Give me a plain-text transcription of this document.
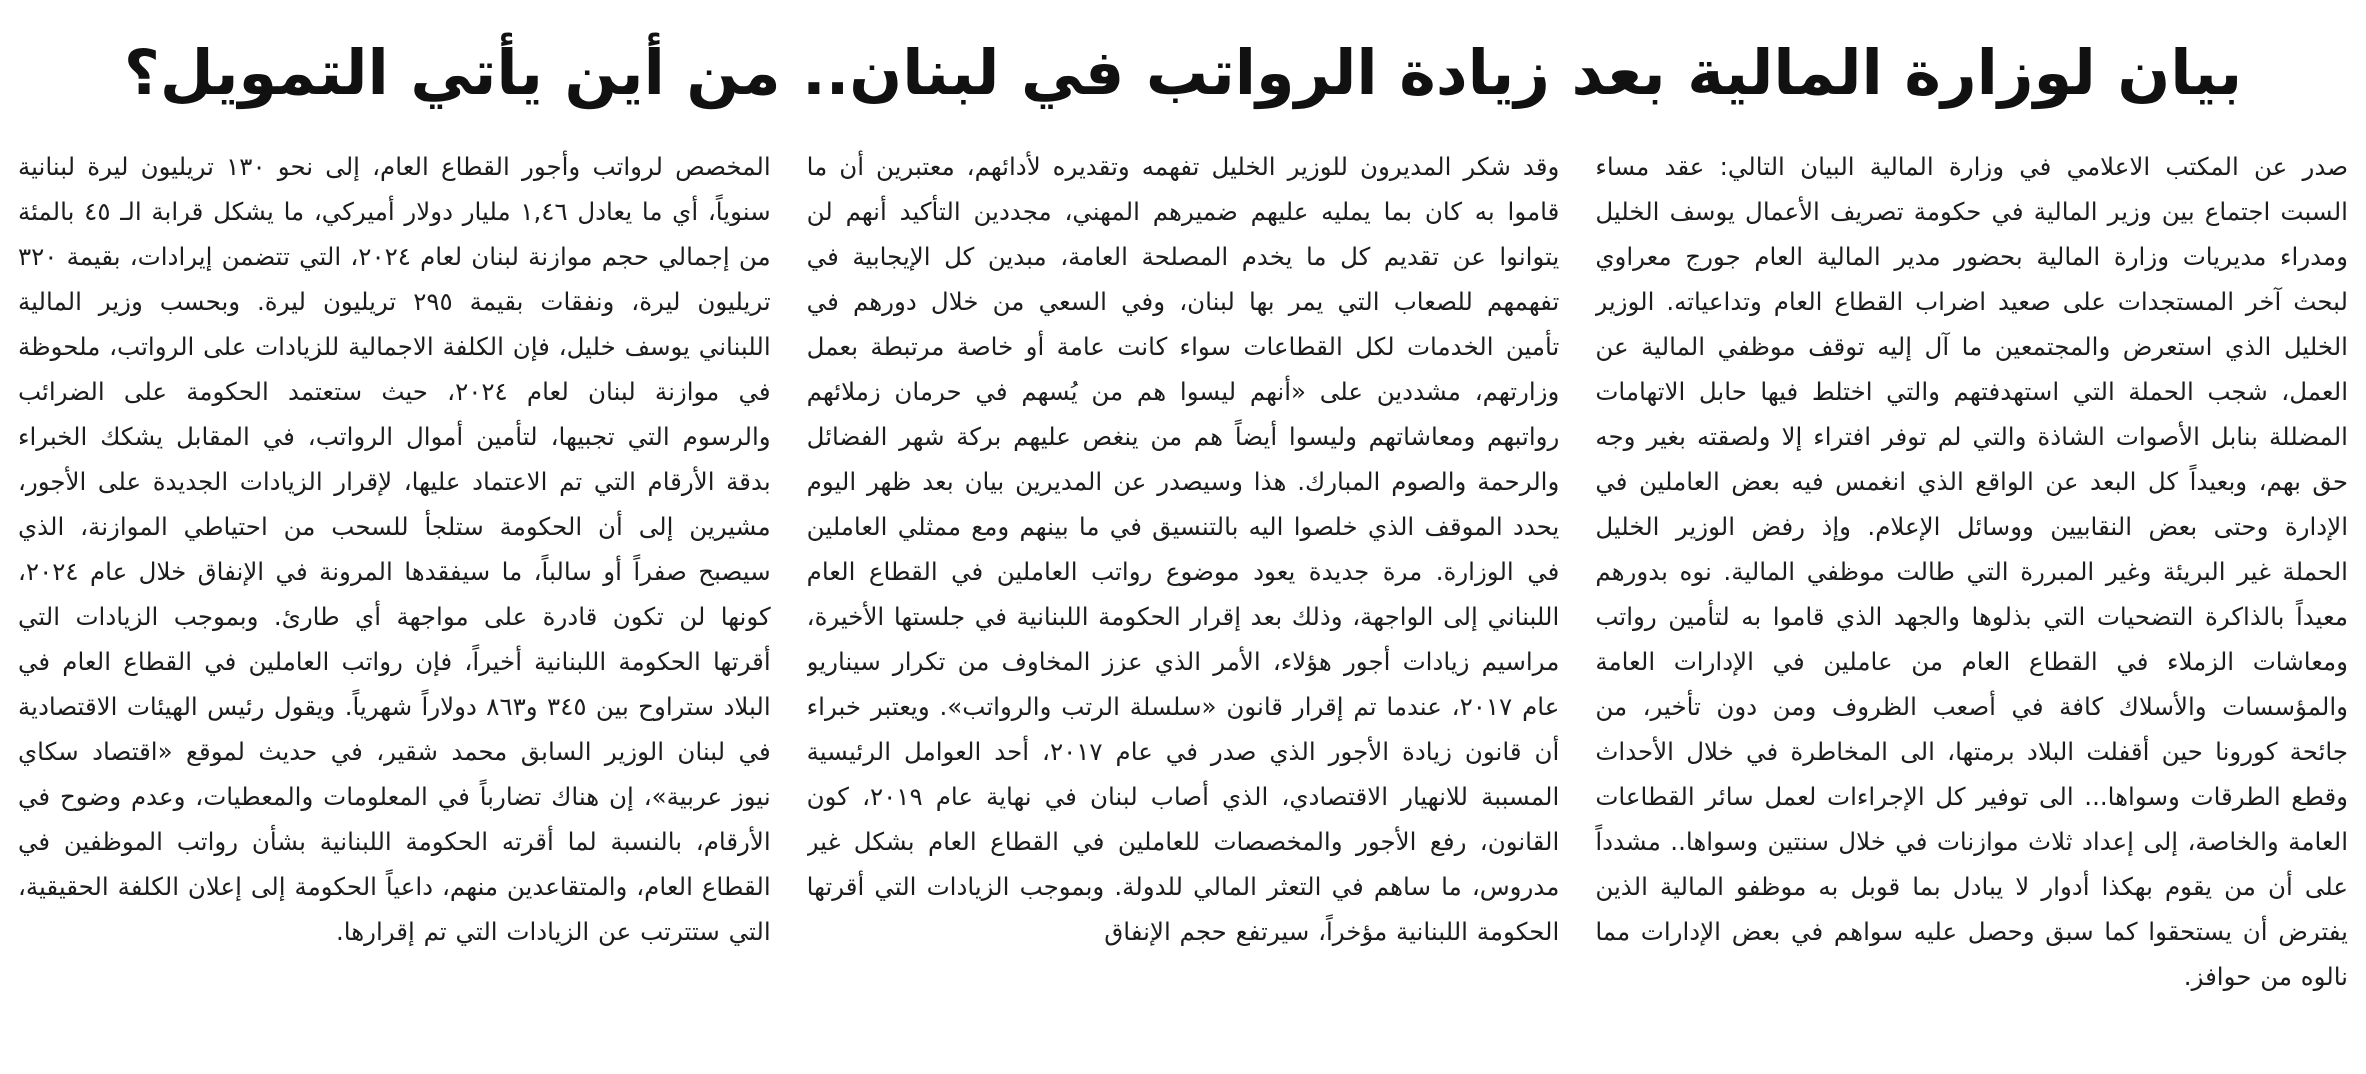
بيان لوزارة المالية بعد زيادة الرواتب في لبنان.. من أين يأتي التمويل؟

صدر عن المكتب الاعلامي في وزارة المالية البيان التالي: عقد مساء السبت اجتماع بين وزير المالية في حكومة تصريف الأعمال يوسف الخليل ومدراء مديريات وزارة المالية بحضور مدير المالية العام جورج معراوي لبحث آخر المستجدات على صعيد اضراب القطاع العام وتداعياته. الوزير الخليل الذي استعرض والمجتمعين ما آل إليه توقف موظفي المالية عن العمل، شجب الحملة التي استهدفتهم والتي اختلط فيها حابل الاتهامات المضللة بنابل الأصوات الشاذة والتي لم توفر افتراء إلا ولصقته بغير وجه حق بهم، وبعيداً كل البعد عن الواقع الذي انغمس فيه بعض العاملين في الإدارة وحتى بعض النقابيين ووسائل الإعلام. وإذ رفض الوزير الخليل الحملة غير البريئة وغير المبررة التي طالت موظفي المالية. نوه بدورهم معيداً بالذاكرة التضحيات التي بذلوها والجهد الذي قاموا به لتأمين رواتب ومعاشات الزملاء في القطاع العام من عاملين في الإدارات العامة والمؤسسات والأسلاك كافة في أصعب الظروف ومن دون تأخير، من جائحة كورونا حين أقفلت البلاد برمتها، الى المخاطرة في خلال الأحداث وقطع الطرقات وسواها... الى توفير كل الإجراءات لعمل سائر القطاعات العامة والخاصة، إلى إعداد ثلاث موازنات في خلال سنتين وسواها.. مشدداً على أن من يقوم بهكذا أدوار لا يبادل بما قوبل به موظفو المالية الذين يفترض أن يستحقوا كما سبق وحصل عليه سواهم في بعض الإدارات مما نالوه من حوافز.

وقد شكر المديرون للوزير الخليل تفهمه وتقديره لأدائهم، معتبرين أن ما قاموا به كان بما يمليه عليهم ضميرهم المهني، مجددين التأكيد أنهم لن يتوانوا عن تقديم كل ما يخدم المصلحة العامة، مبدين كل الإيجابية في تفهمهم للصعاب التي يمر بها لبنان، وفي السعي من خلال دورهم في تأمين الخدمات لكل القطاعات سواء كانت عامة أو خاصة مرتبطة بعمل وزارتهم، مشددين على «أنهم ليسوا هم من يُسهم في حرمان زملائهم رواتبهم ومعاشاتهم وليسوا أيضاً هم من ينغص عليهم بركة شهر الفضائل والرحمة والصوم المبارك. هذا وسيصدر عن المديرين بيان بعد ظهر اليوم يحدد الموقف الذي خلصوا اليه بالتنسيق في ما بينهم ومع ممثلي العاملين في الوزارة. مرة جديدة يعود موضوع رواتب العاملين في القطاع العام اللبناني إلى الواجهة، وذلك بعد إقرار الحكومة اللبنانية في جلستها الأخيرة، مراسيم زيادات أجور هؤلاء، الأمر الذي عزز المخاوف من تكرار سيناريو عام ٢٠١٧، عندما تم إقرار قانون «سلسلة الرتب والرواتب». ويعتبر خبراء أن قانون زيادة الأجور الذي صدر في عام ٢٠١٧، أحد العوامل الرئيسية المسببة للانهيار الاقتصادي، الذي أصاب لبنان في نهاية عام ٢٠١٩، كون القانون، رفع الأجور والمخصصات للعاملين في القطاع العام بشكل غير مدروس، ما ساهم في التعثر المالي للدولة. وبموجب الزيادات التي أقرتها الحكومة اللبنانية مؤخراً، سيرتفع حجم الإنفاق

المخصص لرواتب وأجور القطاع العام، إلى نحو ١٣٠ تريليون ليرة لبنانية سنوياً، أي ما يعادل ١,٤٦ مليار دولار أميركي، ما يشكل قرابة الـ ٤٥ بالمئة من إجمالي حجم موازنة لبنان لعام ٢٠٢٤، التي تتضمن إيرادات، بقيمة ٣٢٠ تريليون ليرة، ونفقات بقيمة ٢٩٥ تريليون ليرة. وبحسب وزير المالية اللبناني يوسف خليل، فإن الكلفة الاجمالية للزيادات على الرواتب، ملحوظة في موازنة لبنان لعام ٢٠٢٤، حيث ستعتمد الحكومة على الضرائب والرسوم التي تجبيها، لتأمين أموال الرواتب، في المقابل يشكك الخبراء بدقة الأرقام التي تم الاعتماد عليها، لإقرار الزيادات الجديدة على الأجور، مشيرين إلى أن الحكومة ستلجأ للسحب من احتياطي الموازنة، الذي سيصبح صفراً أو سالباً، ما سيفقدها المرونة في الإنفاق خلال عام ٢٠٢٤، كونها لن تكون قادرة على مواجهة أي طارئ. وبموجب الزيادات التي أقرتها الحكومة اللبنانية أخيراً، فإن رواتب العاملين في القطاع العام في البلاد ستراوح بين ٣٤٥ و٨٦٣ دولاراً شهرياً. ويقول رئيس الهيئات الاقتصادية في لبنان الوزير السابق محمد شقير، في حديث لموقع «اقتصاد سكاي نيوز عربية»، إن هناك تضارباً في المعلومات والمعطيات، وعدم وضوح في الأرقام، بالنسبة لما أقرته الحكومة اللبنانية بشأن رواتب الموظفين في القطاع العام، والمتقاعدين منهم، داعياً الحكومة إلى إعلان الكلفة الحقيقية، التي ستترتب عن الزيادات التي تم إقرارها.
